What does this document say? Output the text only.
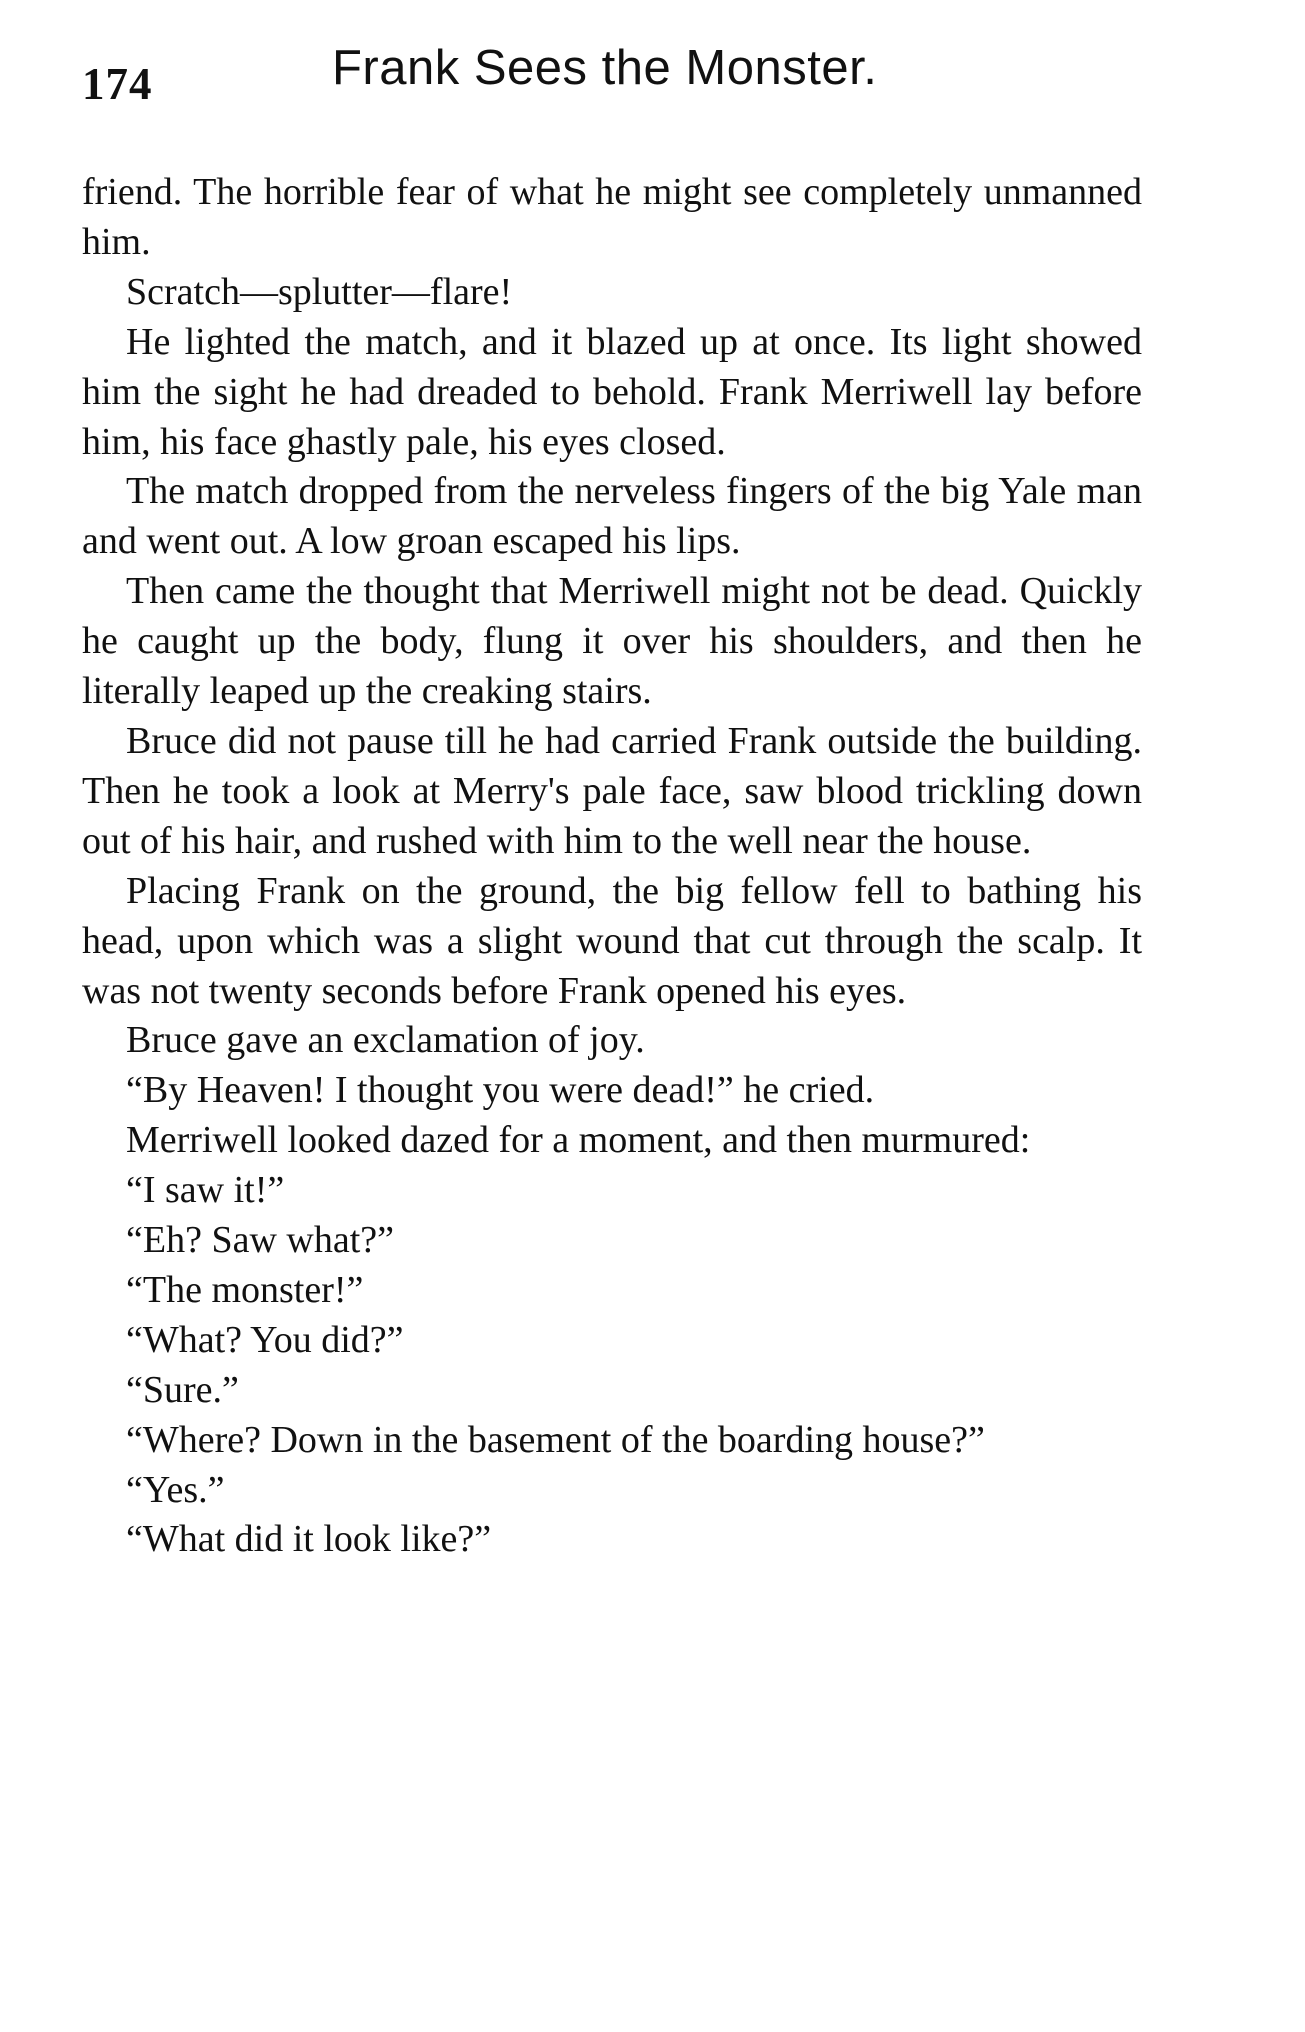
174	Frank Sees the Monster.

friend. The horrible fear of what he might see completely unmanned him.

Scratch—splutter—flare!

He lighted the match, and it blazed up at once. Its light showed him the sight he had dreaded to behold. Frank Merriwell lay before him, his face ghastly pale, his eyes closed.

The match dropped from the nerveless fingers of the big Yale man and went out. A low groan escaped his lips.

Then came the thought that Merriwell might not be dead. Quickly he caught up the body, flung it over his shoulders, and then he literally leaped up the creaking stairs.

Bruce did not pause till he had carried Frank outside the building. Then he took a look at Merry's pale face, saw blood trickling down out of his hair, and rushed with him to the well near the house.

Placing Frank on the ground, the big fellow fell to bathing his head, upon which was a slight wound that cut through the scalp. It was not twenty seconds before Frank opened his eyes.

Bruce gave an exclamation of joy.

“By Heaven! I thought you were dead!” he cried.

Merriwell looked dazed for a moment, and then murmured:

“I saw it!”

“Eh? Saw what?”

“The monster!”

“What? You did?”

“Sure.”

“Where? Down in the basement of the boarding house?”

“Yes.”

“What did it look like?”
